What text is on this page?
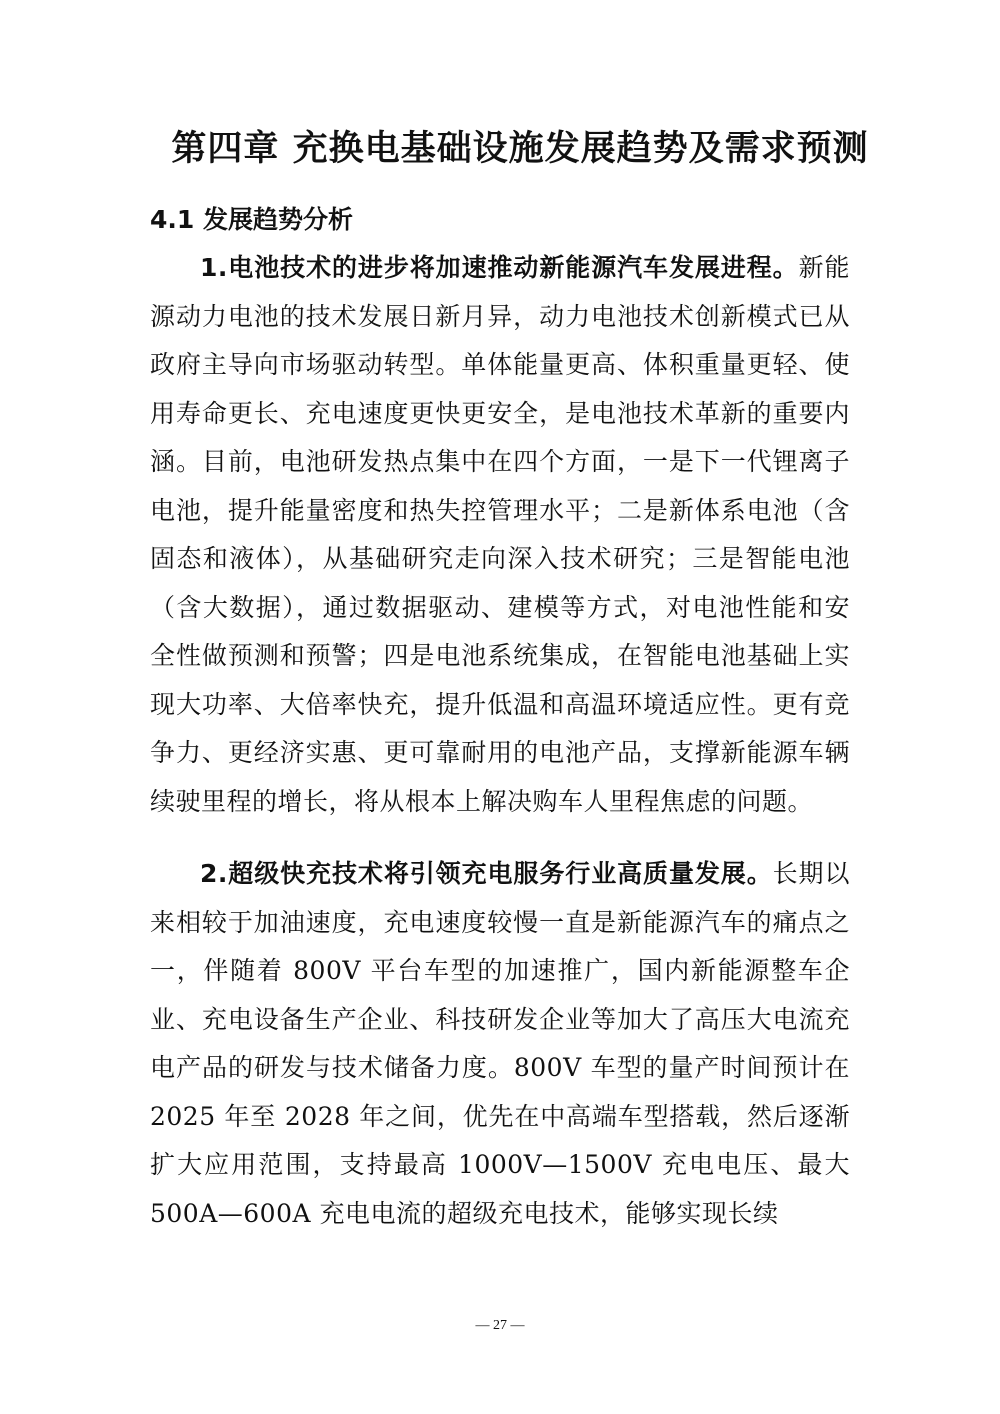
第四章 充换电基础设施发展趋势及需求预测
4.1 发展趋势分析

1.电池技术的进步将加速推动新能源汽车发展进程。新能源动力电池的技术发展日新月异，动力电池技术创新模式已从政府主导向市场驱动转型。单体能量更高、体积重量更轻、使用寿命更长、充电速度更快更安全，是电池技术革新的重要内涵。目前，电池研发热点集中在四个方面，一是下一代锂离子电池，提升能量密度和热失控管理水平；二是新体系电池（含固态和液体），从基础研究走向深入技术研究；三是智能电池（含大数据），通过数据驱动、建模等方式，对电池性能和安全性做预测和预警；四是电池系统集成，在智能电池基础上实现大功率、大倍率快充，提升低温和高温环境适应性。更有竞争力、更经济实惠、更可靠耐用的电池产品，支撑新能源车辆续驶里程的增长，将从根本上解决购车人里程焦虑的问题。

2.超级快充技术将引领充电服务行业高质量发展。长期以来相较于加油速度，充电速度较慢一直是新能源汽车的痛点之一，伴随着 800V 平台车型的加速推广，国内新能源整车企业、充电设备生产企业、科技研发企业等加大了高压大电流充电产品的研发与技术储备力度。800V 车型的量产时间预计在 2025 年至 2028 年之间，优先在中高端车型搭载，然后逐渐扩大应用范围，支持最高 1000V—1500V 充电电压、最大 500A—600A 充电电流的超级充电技术，能够实现长续

— 27 —
